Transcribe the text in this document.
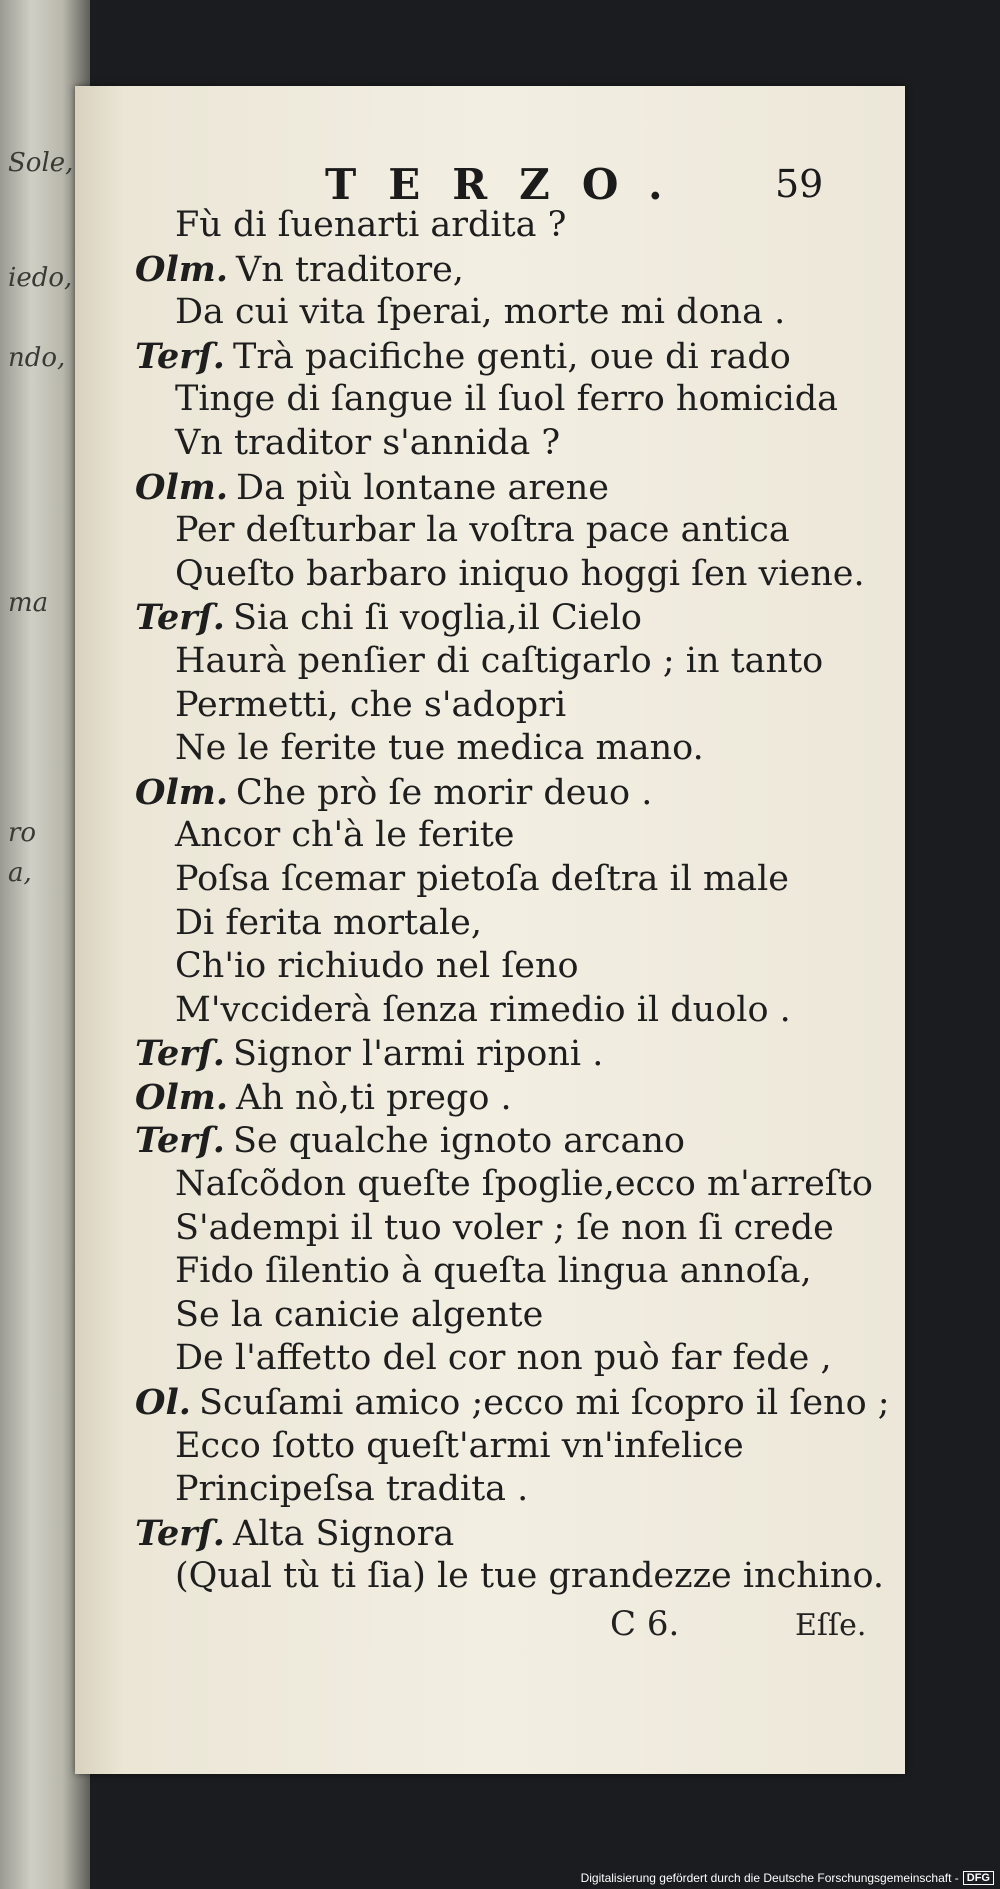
Sole,
iedo,
ndo,
ma
ro
a,
TERZO.	59
Fù di ſuenarti ardita ?
Olm. Vn traditore,
Da cui vita ſperai, morte mi dona .
Terſ. Trà pacifiche genti, oue di rado
Tinge di ſangue il ſuol ferro homicida
Vn traditor s'annida ?
Olm. Da più lontane arene
Per deſturbar la voſtra pace antica
Queſto barbaro iniquo hoggi ſen viene.
Terſ. Sia chi ſi voglia,il Cielo
Haurà penſier di caſtigarlo ; in tanto
Permetti, che s'adopri
Ne le ferite tue medica mano.
Olm. Che prò ſe morir deuo .
Ancor ch'à le ferite
Poſsa ſcemar pietoſa deſtra il male
Di ferita mortale,
Ch'io richiudo nel ſeno
M'vcciderà ſenza rimedio il duolo .
Terſ. Signor l'armi riponi .
Olm. Ah nò,ti prego .
Terſ. Se qualche ignoto arcano
Naſcõdon queſte ſpoglie,ecco m'arreſto
S'adempi il tuo voler ; ſe non ſi crede
Fido ſilentio à queſta lingua annoſa,
Se la canicie algente
De l'affetto del cor non può far fede ,
Ol. Scuſami amico ;ecco mi ſcopro il ſeno ;
Ecco ſotto queſt'armi vn'infelice
Principeſsa tradita .
Terſ. Alta Signora
(Qual tù ti ſia) le tue grandezze inchino.
C 6.	Eſſe.
Digitalisierung gefördert durch die Deutsche Forschungsgemeinschaft - DFG
